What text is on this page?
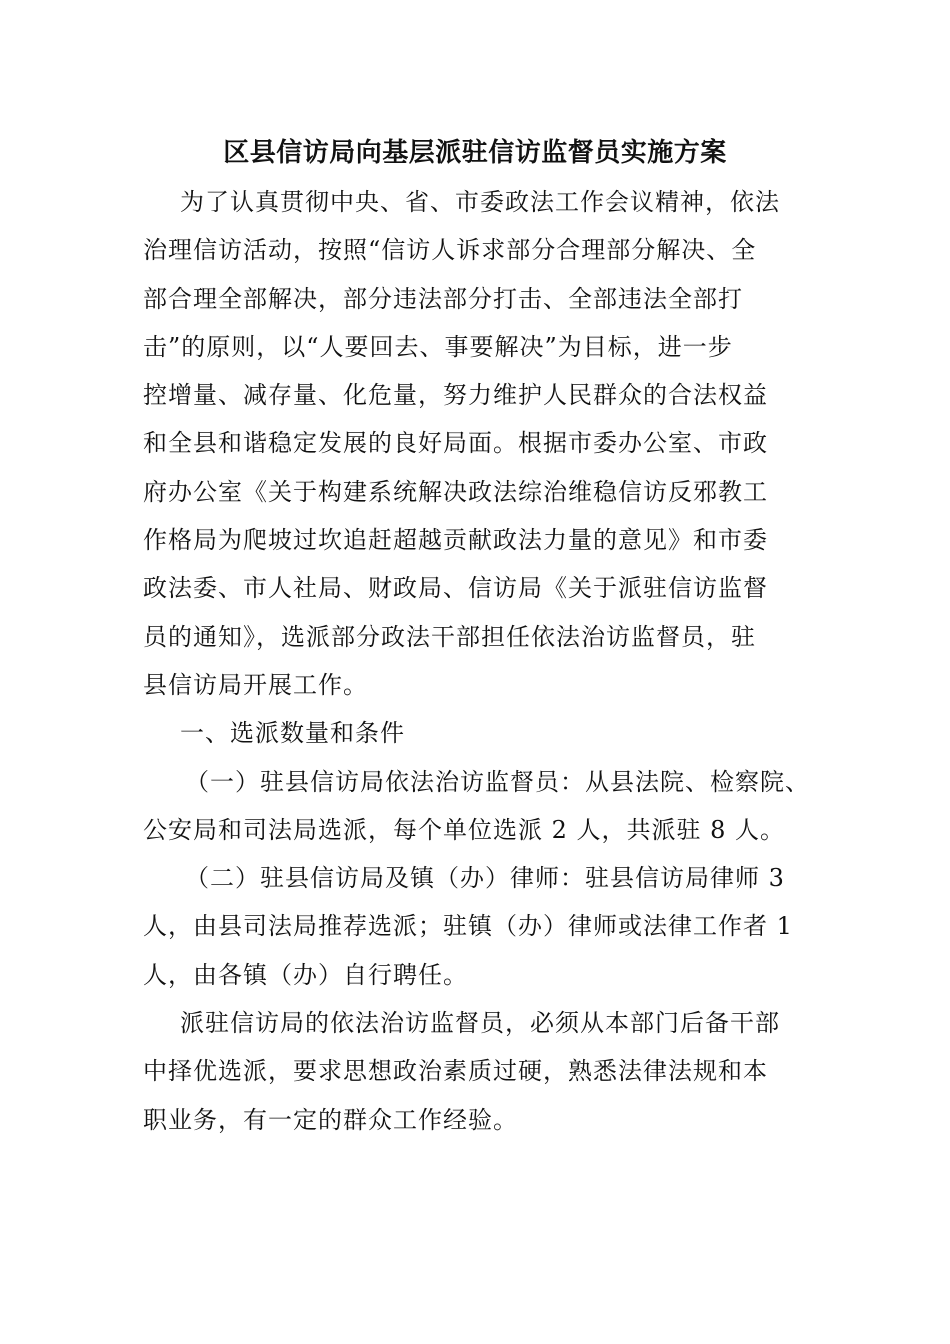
区县信访局向基层派驻信访监督员实施方案
为了认真贯彻中央、省、市委政法工作会议精神，依法
治理信访活动，按照“信访人诉求部分合理部分解决、全
部合理全部解决，部分违法部分打击、全部违法全部打
击”的原则，以“人要回去、事要解决”为目标，进一步
控增量、减存量、化危量，努力维护人民群众的合法权益
和全县和谐稳定发展的良好局面。根据市委办公室、市政
府办公室《关于构建系统解决政法综治维稳信访反邪教工
作格局为爬坡过坎追赶超越贡献政法力量的意见》和市委
政法委、市人社局、财政局、信访局《关于派驻信访监督
员的通知》，选派部分政法干部担任依法治访监督员，驻
县信访局开展工作。
一、选派数量和条件
（一）驻县信访局依法治访监督员：从县法院、检察院、
公安局和司法局选派，每个单位选派 2 人，共派驻 8 人。
（二）驻县信访局及镇（办）律师：驻县信访局律师 3
人，由县司法局推荐选派；驻镇（办）律师或法律工作者 1
人，由各镇（办）自行聘任。
派驻信访局的依法治访监督员，必须从本部门后备干部
中择优选派，要求思想政治素质过硬，熟悉法律法规和本
职业务，有一定的群众工作经验。
